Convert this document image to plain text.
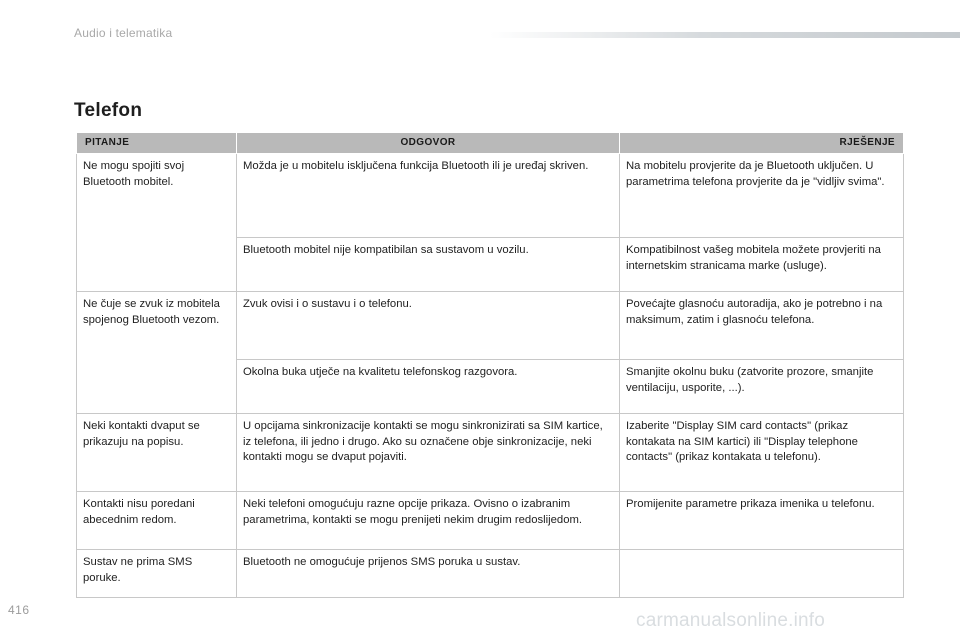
Audio i telematika
Telefon
PITANJE	ODGOVOR	RJEŠENJE
Ne mogu spojiti svoj Bluetooth mobitel.	Možda je u mobitelu isključena funkcija Bluetooth ili je uređaj skriven.	Na mobitelu provjerite da je Bluetooth uključen. U parametrima telefona provjerite da je "vidljiv svima".
	Bluetooth mobitel nije kompatibilan sa sustavom u vozilu.	Kompatibilnost vašeg mobitela možete provjeriti na internetskim stranicama marke (usluge).
Ne čuje se zvuk iz mobitela spojenog Bluetooth vezom.	Zvuk ovisi i o sustavu i o telefonu.	Povećajte glasnoću autoradija, ako je potrebno i na maksimum, zatim i glasnoću telefona.
	Okolna buka utječe na kvalitetu telefonskog razgovora.	Smanjite okolnu buku (zatvorite prozore, smanjite ventilaciju, usporite, ...).
Neki kontakti dvaput se prikazuju na popisu.	U opcijama sinkronizacije kontakti se mogu sinkronizirati sa SIM kartice, iz telefona, ili jedno i drugo. Ako su označene obje sinkronizacije, neki kontakti mogu se dvaput pojaviti.	Izaberite "Display SIM card contacts" (prikaz kontakata na SIM kartici) ili "Display telephone contacts" (prikaz kontakata u telefonu).
Kontakti nisu poredani abecednim redom.	Neki telefoni omogućuju razne opcije prikaza. Ovisno o izabranim parametrima, kontakti se mogu prenijeti nekim drugim redoslijedom.	Promijenite parametre prikaza imenika u telefonu.
Sustav ne prima SMS poruke.	Bluetooth ne omogućuje prijenos SMS poruka u sustav.	
416	carmanualsonline.info
